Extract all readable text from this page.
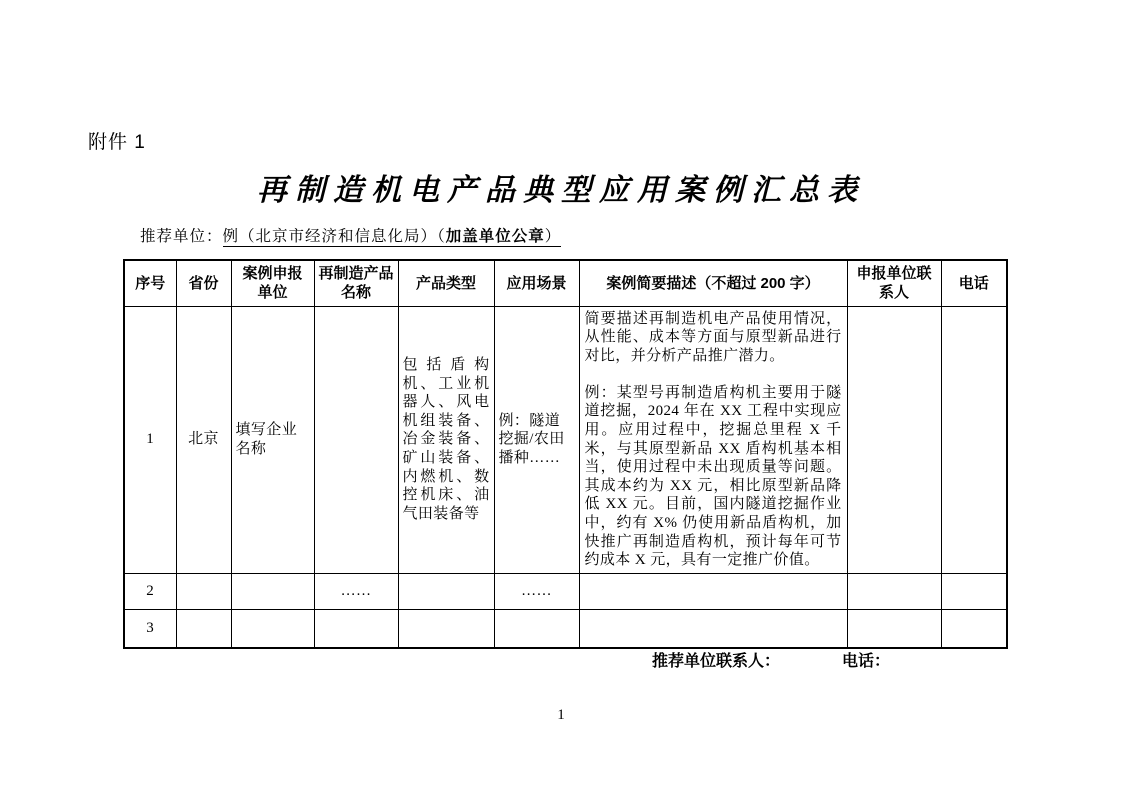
附件 1
再制造机电产品典型应用案例汇总表
推荐单位：例（北京市经济和信息化局）（加盖单位公章）
序号	省份	案例申报单位	再制造产品名称	产品类型	应用场景	案例简要描述（不超过 200 字）	申报单位联系人	电话
1	北京	填写企业名称		包括盾构机、工业机器人、风电机组装备、冶金装备、矿山装备、内燃机、数控机床、油气田装备等	例：隧道挖掘/农田播种……	简要描述再制造机电产品使用情况，从性能、成本等方面与原型新品进行对比，并分析产品推广潜力。

例：某型号再制造盾构机主要用于隧道挖掘，2024 年在 XX 工程中实现应用。应用过程中，挖掘总里程 X 千米，与其原型新品 XX 盾构机基本相当，使用过程中未出现质量等问题。其成本约为 XX 元，相比原型新品降低 XX 元。目前，国内隧道挖掘作业中，约有 X% 仍使用新品盾构机，加快推广再制造盾构机，预计每年可节约成本 X 元，具有一定推广价值。		

2			……		……			
3								
推荐单位联系人：	电话：
1
